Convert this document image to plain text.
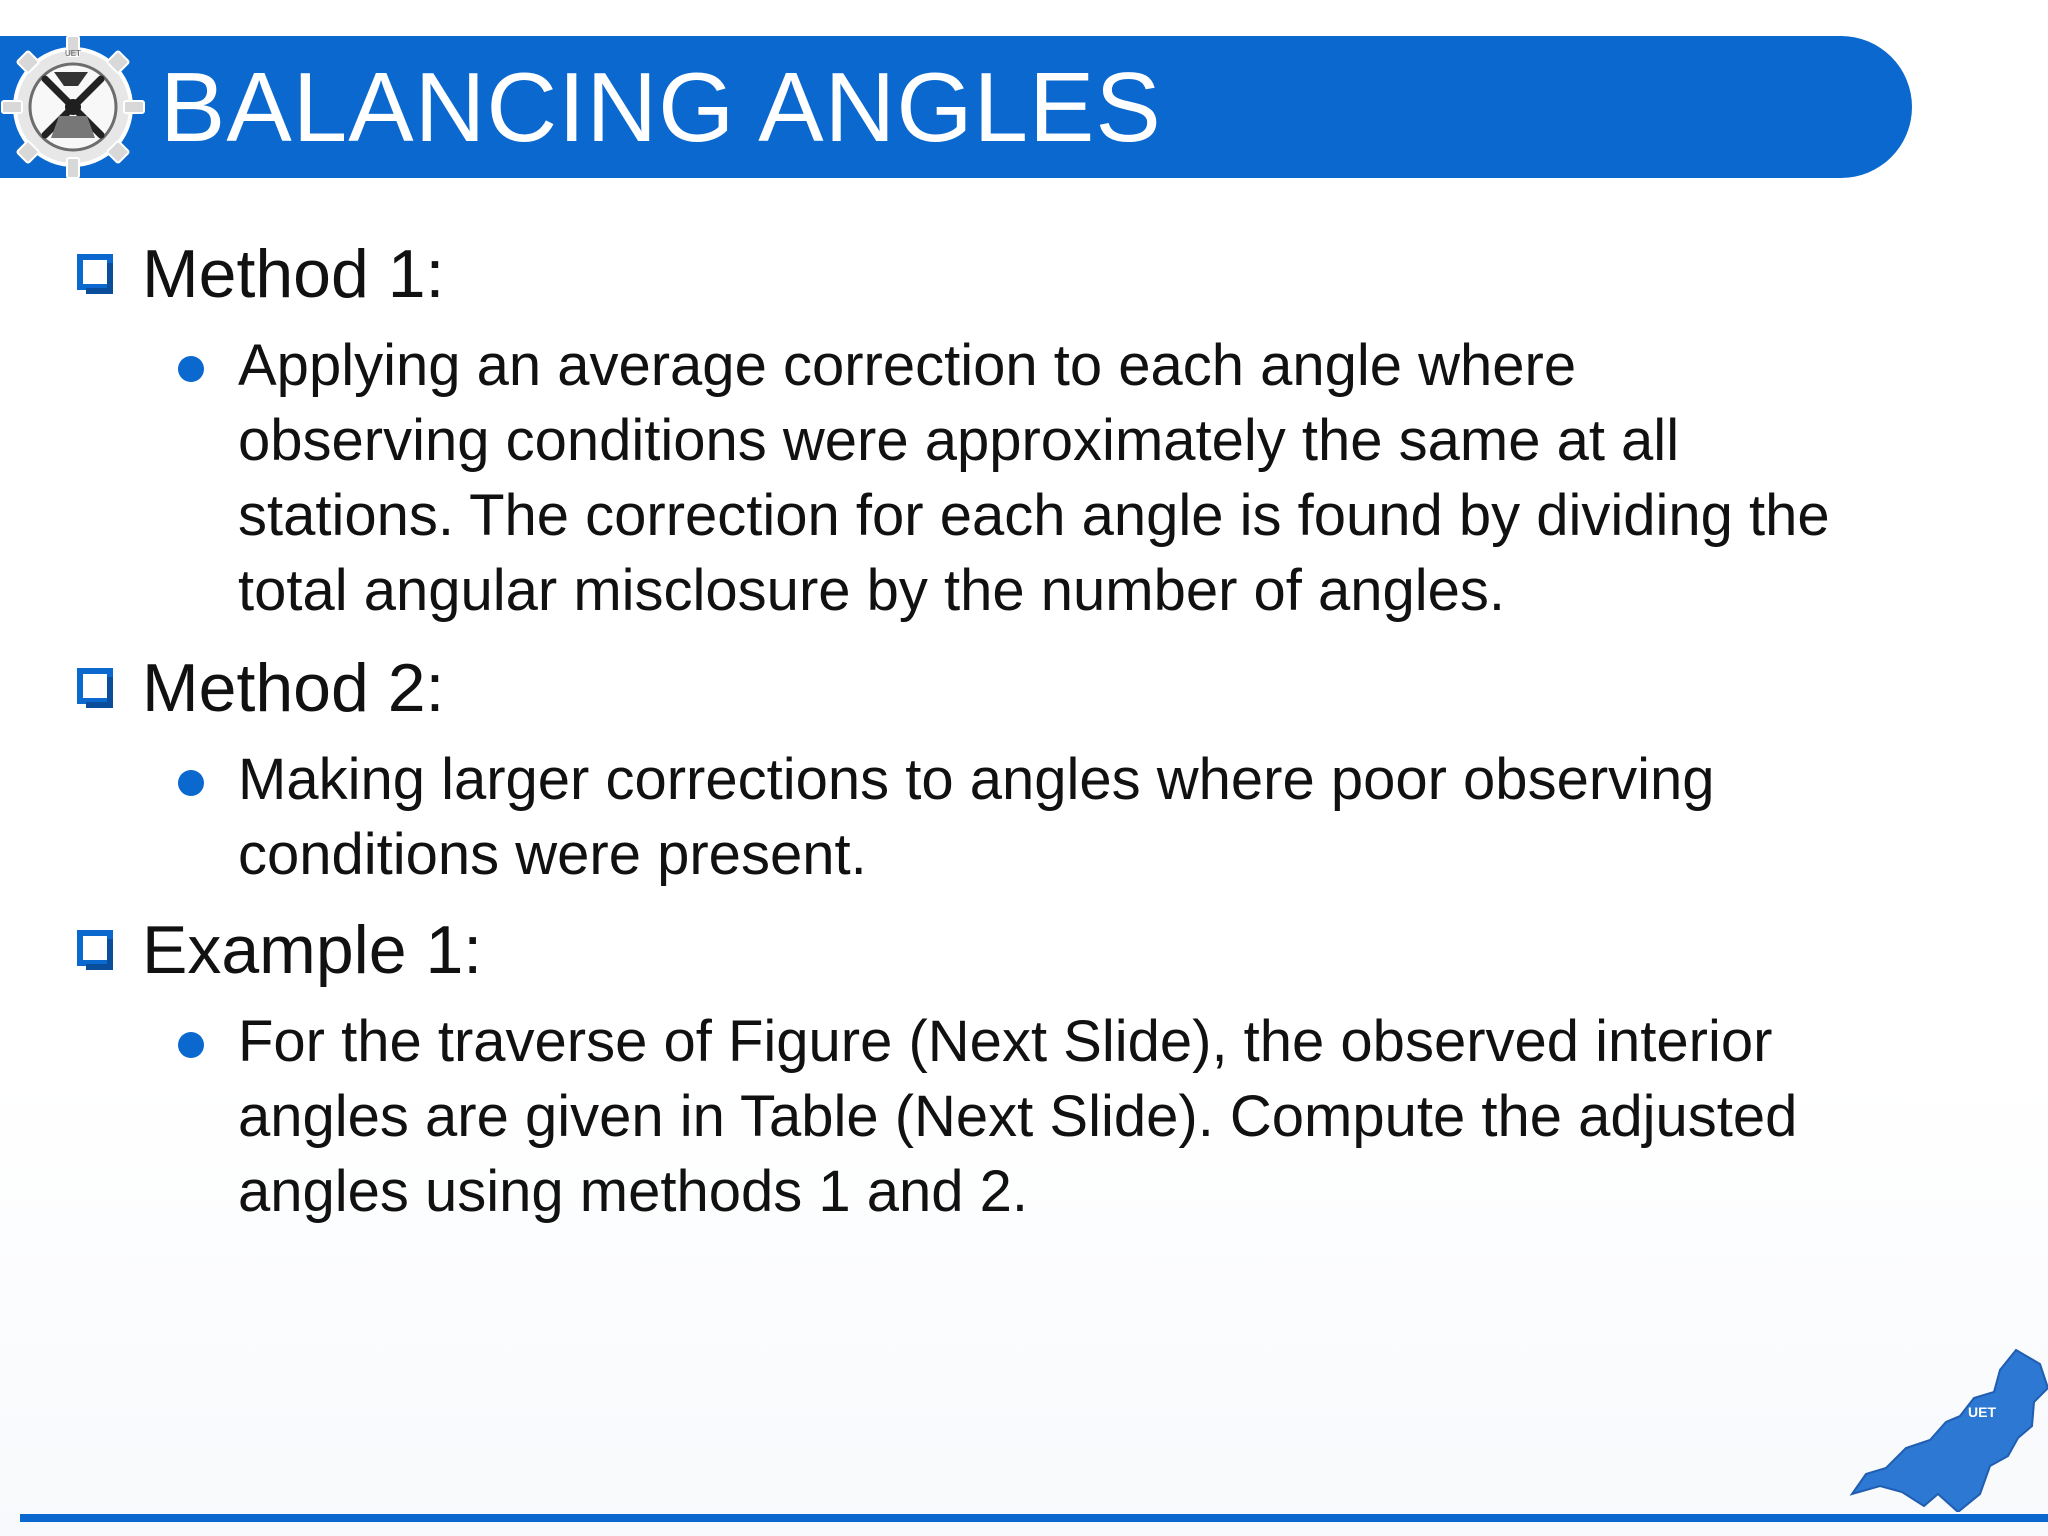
UET BALANCING ANGLES
Method 1:
Applying an average correction to each angle where
observing conditions were approximately the same at all
stations. The correction for each angle is found by dividing the
total angular misclosure by the number of angles.
Method 2:
Making larger corrections to angles where poor observing
conditions were present.
Example 1:
For the traverse of Figure (Next Slide), the observed interior
angles are given in Table (Next Slide). Compute the adjusted
angles using methods 1 and 2.
UET
